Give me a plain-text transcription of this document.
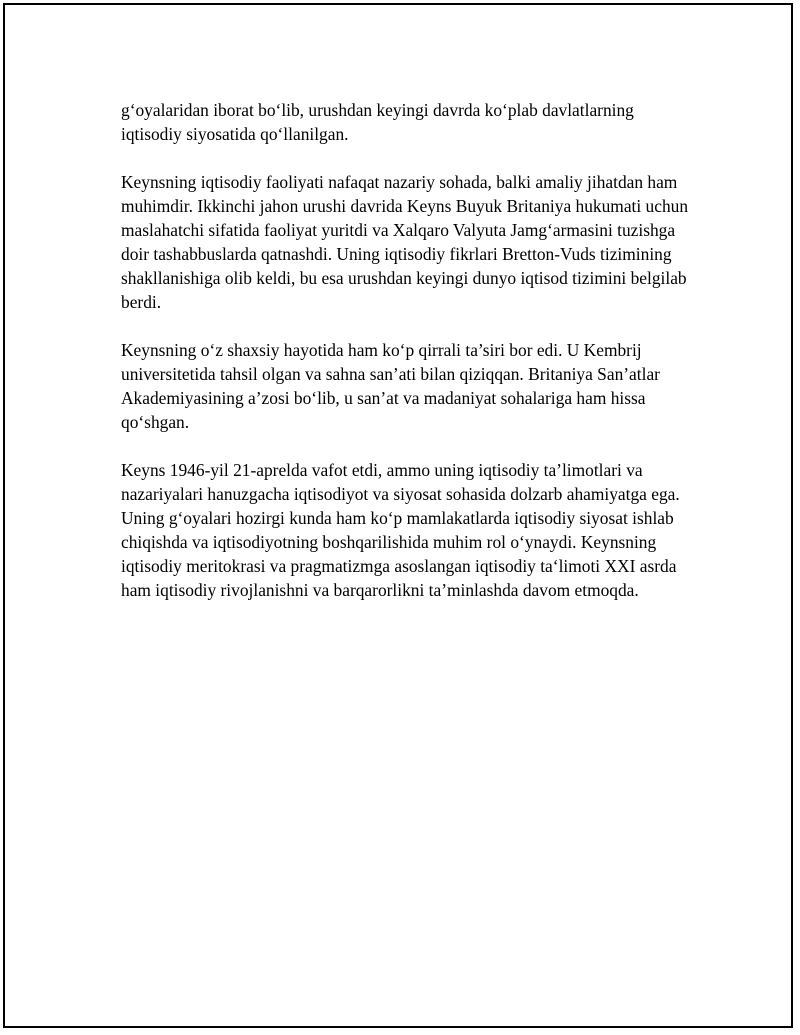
g‘oyalaridan iborat bo‘lib, urushdan keyingi davrda ko‘plab davlatlarning iqtisodiy siyosatida qo‘llanilgan.

Keynsning iqtisodiy faoliyati nafaqat nazariy sohada, balki amaliy jihatdan ham muhimdir. Ikkinchi jahon urushi davrida Keyns Buyuk Britaniya hukumati uchun maslahatchi sifatida faoliyat yuritdi va Xalqaro Valyuta Jamg‘armasini tuzishga doir tashabbuslarda qatnashdi. Uning iqtisodiy fikrlari Bretton-Vuds tizimining shakllanishiga olib keldi, bu esa urushdan keyingi dunyo iqtisod tizimini belgilab berdi.

Keynsning o‘z shaxsiy hayotida ham ko‘p qirrali ta’siri bor edi. U Kembrij universitetida tahsil olgan va sahna san’ati bilan qiziqqan. Britaniya San’atlar Akademiyasining a’zosi bo‘lib, u san’at va madaniyat sohalariga ham hissa qo‘shgan.

Keyns 1946-yil 21-aprelda vafot etdi, ammo uning iqtisodiy ta’limotlari va nazariyalari hanuzgacha iqtisodiyot va siyosat sohasida dolzarb ahamiyatga ega. Uning g‘oyalari hozirgi kunda ham ko‘p mamlakatlarda iqtisodiy siyosat ishlab chiqishda va iqtisodiyotning boshqarilishida muhim rol o‘ynaydi. Keynsning iqtisodiy meritokrasi va pragmatizmga asoslangan iqtisodiy ta‘limoti XXI asrda ham iqtisodiy rivojlanishni va barqarorlikni ta’minlashda davom etmoqda.
